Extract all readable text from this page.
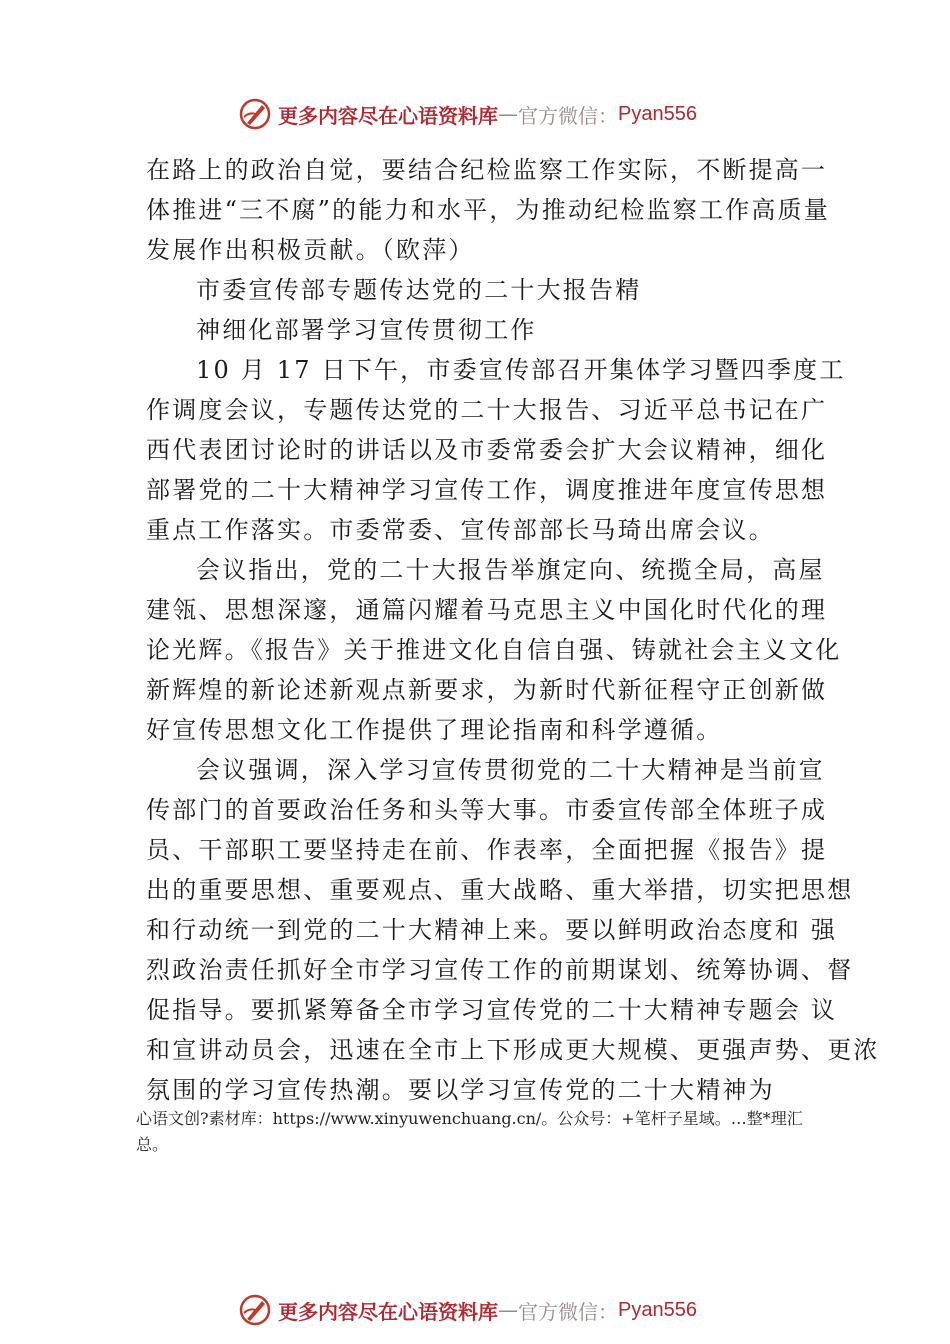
更多内容尽在心语资料库 — 官方微信： Pyan556
在路上的政治自觉，要结合纪检监察工作实际，不断提高一
体推进“三不腐”的能力和水平，为推动纪检监察工作高质量
发展作出积极贡献。（欧萍）
市委宣传部专题传达党的二十大报告精
神细化部署学习宣传贯彻工作
10 月 17 日下午，市委宣传部召开集体学习暨四季度工
作调度会议，专题传达党的二十大报告、习近平总书记在广
西代表团讨论时的讲话以及市委常委会扩大会议精神，细化
部署党的二十大精神学习宣传工作，调度推进年度宣传思想
重点工作落实。市委常委、宣传部部长马琦出席会议。
会议指出，党的二十大报告举旗定向、统揽全局，高屋
建瓴、思想深邃，通篇闪耀着马克思主义中国化时代化的理
论光辉。《报告》关于推进文化自信自强、铸就社会主义文化
新辉煌的新论述新观点新要求，为新时代新征程守正创新做
好宣传思想文化工作提供了理论指南和科学遵循。
会议强调，深入学习宣传贯彻党的二十大精神是当前宣
传部门的首要政治任务和头等大事。市委宣传部全体班子成
员、干部职工要坚持走在前、作表率，全面把握《报告》提
出的重要思想、重要观点、重大战略、重大举措，切实把思想
和行动统一到党的二十大精神上来。要以鲜明政治态度和 强
烈政治责任抓好全市学习宣传工作的前期谋划、统筹协调、督
促指导。要抓紧筹备全市学习宣传党的二十大精神专题会 议
和宣讲动员会，迅速在全市上下形成更大规模、更强声势、更浓
氛围的学习宣传热潮。要以学习宣传党的二十大精神为
心语文创?素材库：https://www.xinyuwenchuang.cn/。公众号：+笔杆子星域。…整*理汇
总。
更多内容尽在心语资料库 — 官方微信： Pyan556
